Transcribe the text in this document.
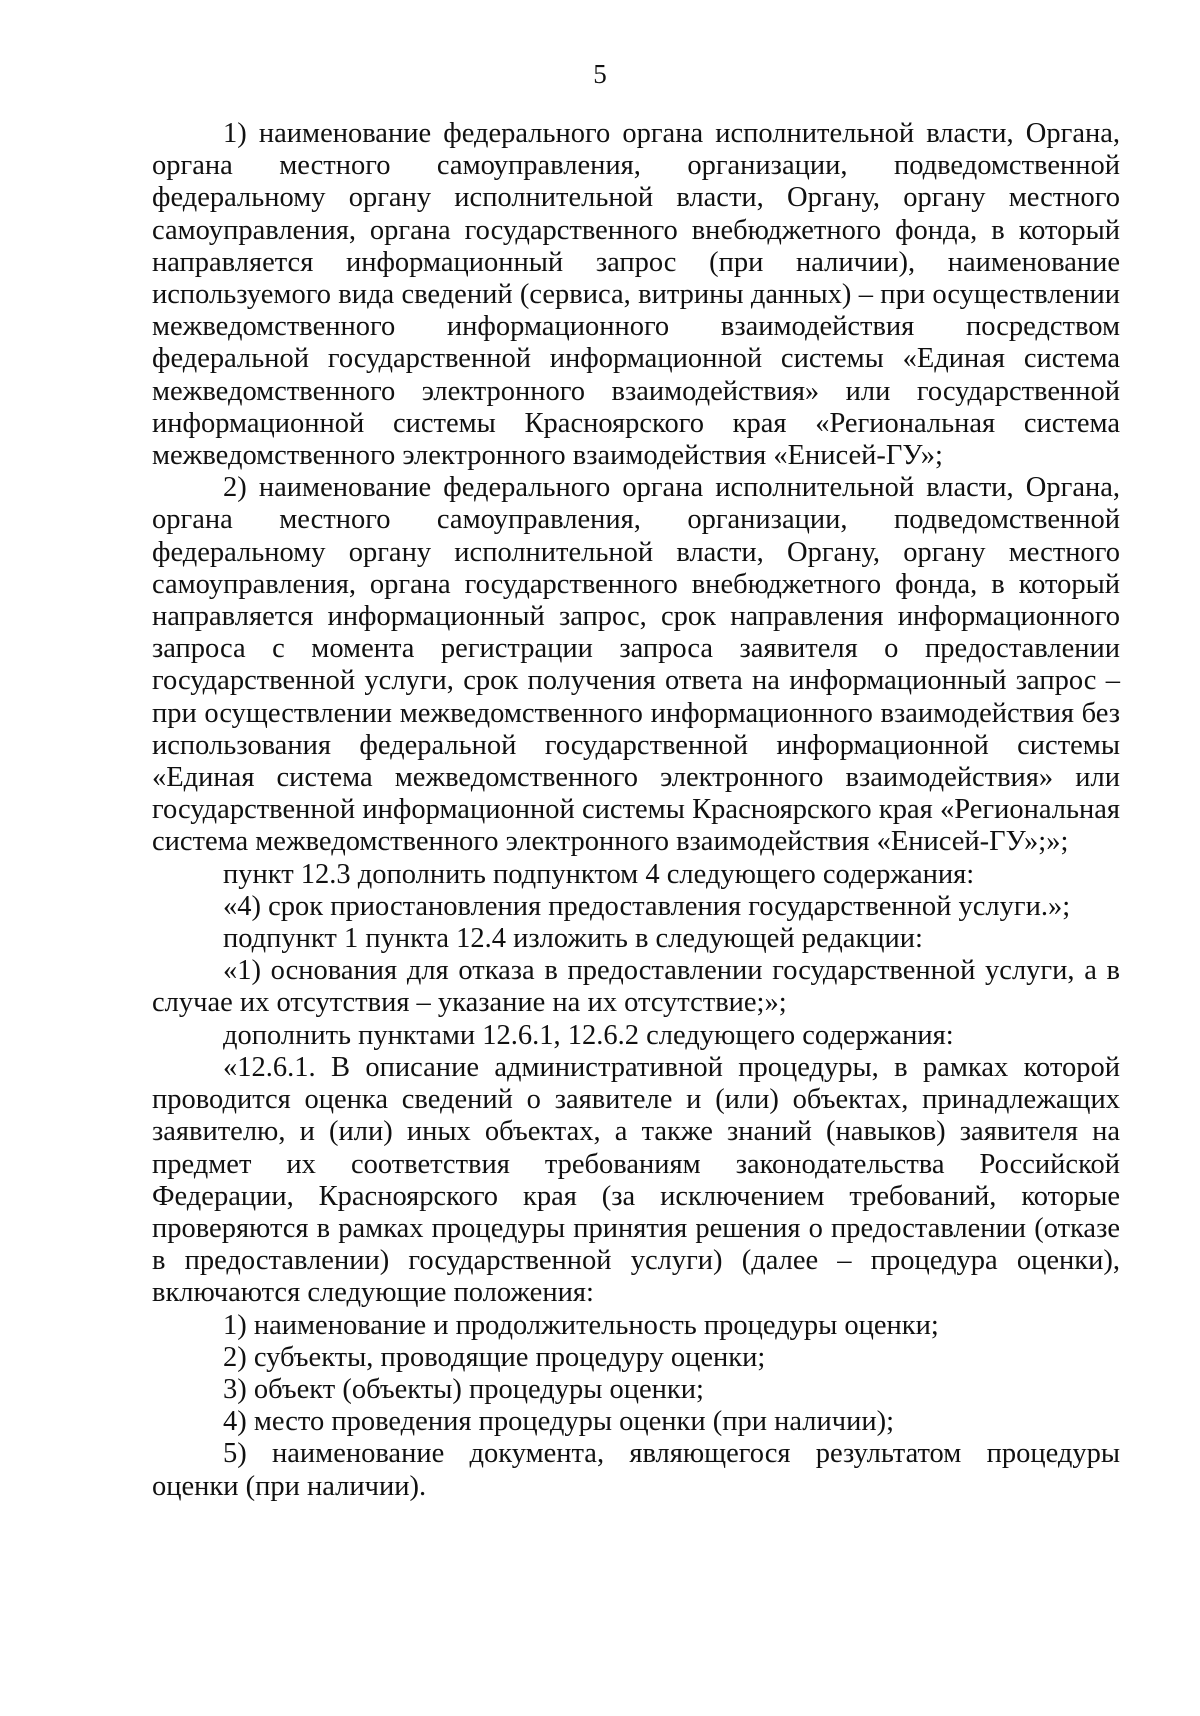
5

1) наименование федерального органа исполнительной власти, Органа, органа местного самоуправления, организации, подведомственной федеральному органу исполнительной власти, Органу, органу местного самоуправления, органа государственного внебюджетного фонда, в который направляется информационный запрос (при наличии), наименование используемого вида сведений (сервиса, витрины данных) – при осуществлении межведомственного информационного взаимодействия посредством федеральной государственной информационной системы «Единая система межведомственного электронного взаимодействия» или государственной информационной системы Красноярского края «Региональная система межведомственного электронного взаимодействия «Енисей-ГУ»;

2) наименование федерального органа исполнительной власти, Органа, органа местного самоуправления, организации, подведомственной федеральному органу исполнительной власти, Органу, органу местного самоуправления, органа государственного внебюджетного фонда, в который направляется информационный запрос, срок направления информационного запроса с момента регистрации запроса заявителя о предоставлении государственной услуги, срок получения ответа на информационный запрос – при осуществлении межведомственного информационного взаимодействия без использования федеральной государственной информационной системы «Единая система межведомственного электронного взаимодействия» или государственной информационной системы Красноярского края «Региональная система межведомственного электронного взаимодействия «Енисей-ГУ»;»;

пункт 12.3 дополнить подпунктом 4 следующего содержания:

«4) срок приостановления предоставления государственной услуги.»;

подпункт 1 пункта 12.4 изложить в следующей редакции:

«1) основания для отказа в предоставлении государственной услуги, а в случае их отсутствия – указание на их отсутствие;»;

дополнить пунктами 12.6.1, 12.6.2 следующего содержания:

«12.6.1. В описание административной процедуры, в рамках которой проводится оценка сведений о заявителе и (или) объектах, принадлежащих заявителю, и (или) иных объектах, а также знаний (навыков) заявителя на предмет их соответствия требованиям законодательства Российской Федерации, Красноярского края (за исключением требований, которые проверяются в рамках процедуры принятия решения о предоставлении (отказе в предоставлении) государственной услуги) (далее – процедура оценки), включаются следующие положения:

1) наименование и продолжительность процедуры оценки;

2) субъекты, проводящие процедуру оценки;

3) объект (объекты) процедуры оценки;

4) место проведения процедуры оценки (при наличии);

5) наименование документа, являющегося результатом процедуры оценки (при наличии).
